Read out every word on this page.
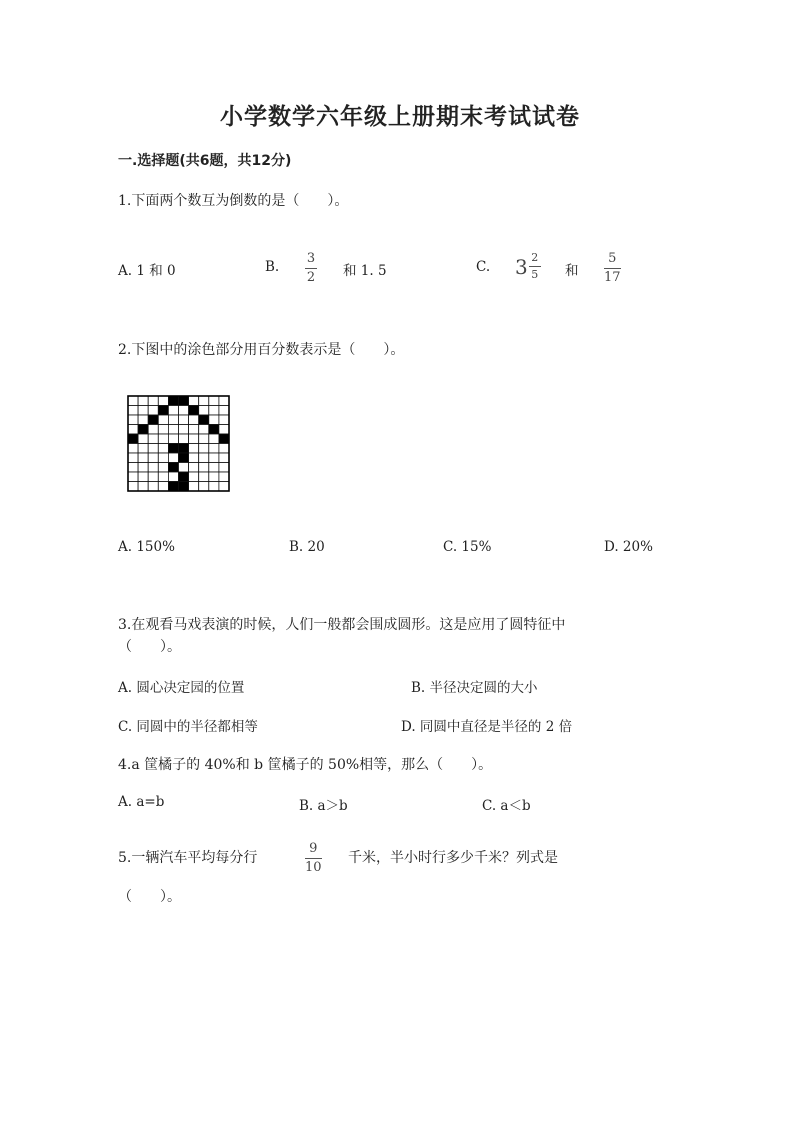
小学数学六年级上册期末考试试卷
一.选择题(共6题，共12分)
1.下面两个数互为倒数的是（　　）。
A. 1 和 0	B.
3
2 和 1. 5	C. $3 \frac{2}{5}$ 和
5
17
2.下图中的涂色部分用百分数表示是（　　）。
A. 150%	B. 20	C. 15%	D. 20%
3.在观看马戏表演的时候，人们一般都会围成圆形。这是应用了圆特征中
（　　）。
A. 圆心决定园的位置	B. 半径决定圆的大小
C. 同圆中的半径都相等	D. 同圆中直径是半径的 2 倍
4.a 筐橘子的 40%和 b 筐橘子的 50%相等，那么（　　）。
A. a=b	B. a＞b	C. a＜b
5.一辆汽车平均每分行
9
10
千米，半小时行多少千米？列式是
（　　）。
